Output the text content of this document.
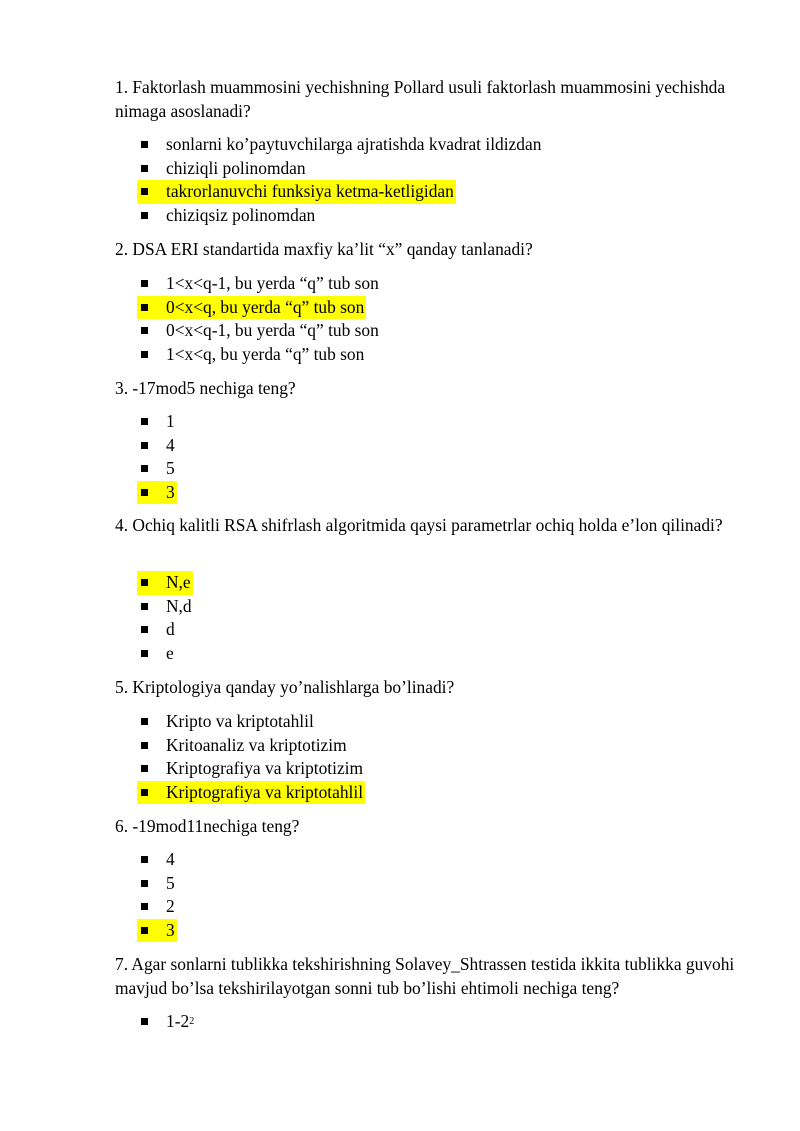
1. Faktorlash muammosini yechishning Pollard usuli faktorlash muammosini yechishda nimaga asoslanadi?

sonlarni ko’paytuvchilarga ajratishda kvadrat ildizdan
chiziqli polinomdan
takrorlanuvchi funksiya ketma-ketligidan
chiziqsiz polinomdan

2. DSA ERI standartida maxfiy ka’lit “x” qanday tanlanadi?

1<x<q-1, bu yerda “q” tub son
0<x<q, bu yerda “q” tub son
0<x<q-1, bu yerda “q” tub son
1<x<q, bu yerda “q” tub son

3. -17mod5 nechiga teng?

1
4
5
3

4. Ochiq kalitli RSA shifrlash algoritmida qaysi parametrlar ochiq holda e’lon qilinadi?

N,e
N,d
d
e

5. Kriptologiya qanday yo’nalishlarga bo’linadi?

Kripto va kriptotahlil
Kritoanaliz va kriptotizim
Kriptografiya va kriptotizim
Kriptografiya va kriptotahlil

6. -19mod11nechiga teng?

4
5
2
3

7. Agar sonlarni tublikka tekshirishning Solavey_Shtrassen testida ikkita tublikka guvohi mavjud bo’lsa tekshirilayotgan sonni tub bo’lishi ehtimoli nechiga teng?

1-2 2
